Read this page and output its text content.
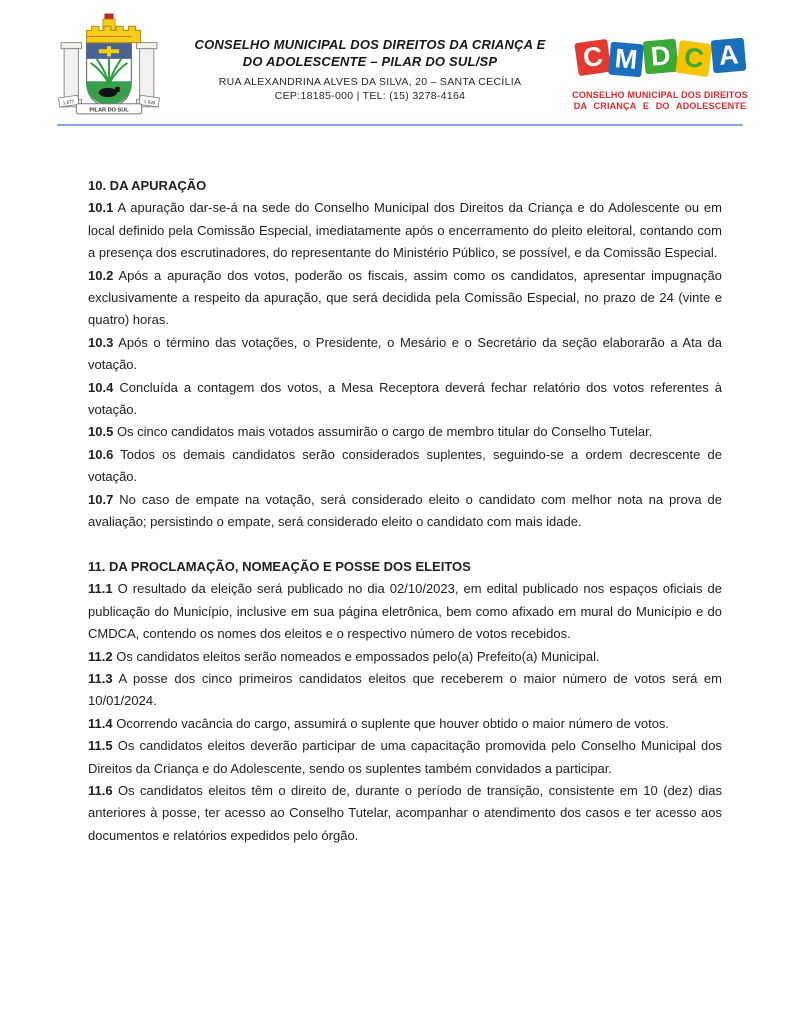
1.877	1.936
PILAR DO SUL
CONSELHO MUNICIPAL DOS DIREITOS DA CRIANÇA E
DO ADOLESCENTE – PILAR DO SUL/SP
RUA ALEXANDRINA ALVES DA SILVA, 20 – SANTA CECÍLIA
CEP:18185-000 | TEL: (15) 3278-4164
C M D C A
CONSELHO MUNICIPAL DOS DIREITOS
DA CRIANÇA E DO ADOLESCENTE

10. DA APURAÇÃO

10.1 A apuração dar-se-á na sede do Conselho Municipal dos Direitos da Criança e do Adolescente ou em local definido pela Comissão Especial, imediatamente após o encerramento do pleito eleitoral, contando com a presença dos escrutinadores, do representante do Ministério Público, se possível, e da Comissão Especial.

10.2 Após a apuração dos votos, poderão os fiscais, assim como os candidatos, apresentar impugnação exclusivamente a respeito da apuração, que será decidida pela Comissão Especial, no prazo de 24 (vinte e quatro) horas.

10.3 Após o término das votações, o Presidente, o Mesário e o Secretário da seção elaborarão a Ata da votação.

10.4 Concluída a contagem dos votos, a Mesa Receptora deverá fechar relatório dos votos referentes à votação.

10.5 Os cinco candidatos mais votados assumirão o cargo de membro titular do Conselho Tutelar.

10.6 Todos os demais candidatos serão considerados suplentes, seguindo-se a ordem decrescente de votação.

10.7 No caso de empate na votação, será considerado eleito o candidato com melhor nota na prova de avaliação; persistindo o empate, será considerado eleito o candidato com mais idade.

11. DA PROCLAMAÇÃO, NOMEAÇÃO E POSSE DOS ELEITOS

11.1 O resultado da eleição será publicado no dia 02/10/2023, em edital publicado nos espaços oficiais de publicação do Município, inclusive em sua página eletrônica, bem como afixado em mural do Município e do CMDCA, contendo os nomes dos eleitos e o respectivo número de votos recebidos.

11.2 Os candidatos eleitos serão nomeados e empossados pelo(a) Prefeito(a) Municipal.

11.3 A posse dos cinco primeiros candidatos eleitos que receberem o maior número de votos será em 10/01/2024.

11.4 Ocorrendo vacância do cargo, assumirá o suplente que houver obtido o maior número de votos.

11.5 Os candidatos eleitos deverão participar de uma capacitação promovida pelo Conselho Municipal dos Direitos da Criança e do Adolescente, sendo os suplentes também convidados a participar.

11.6 Os candidatos eleitos têm o direito de, durante o período de transição, consistente em 10 (dez) dias anteriores à posse, ter acesso ao Conselho Tutelar, acompanhar o atendimento dos casos e ter acesso aos documentos e relatórios expedidos pelo órgão.
